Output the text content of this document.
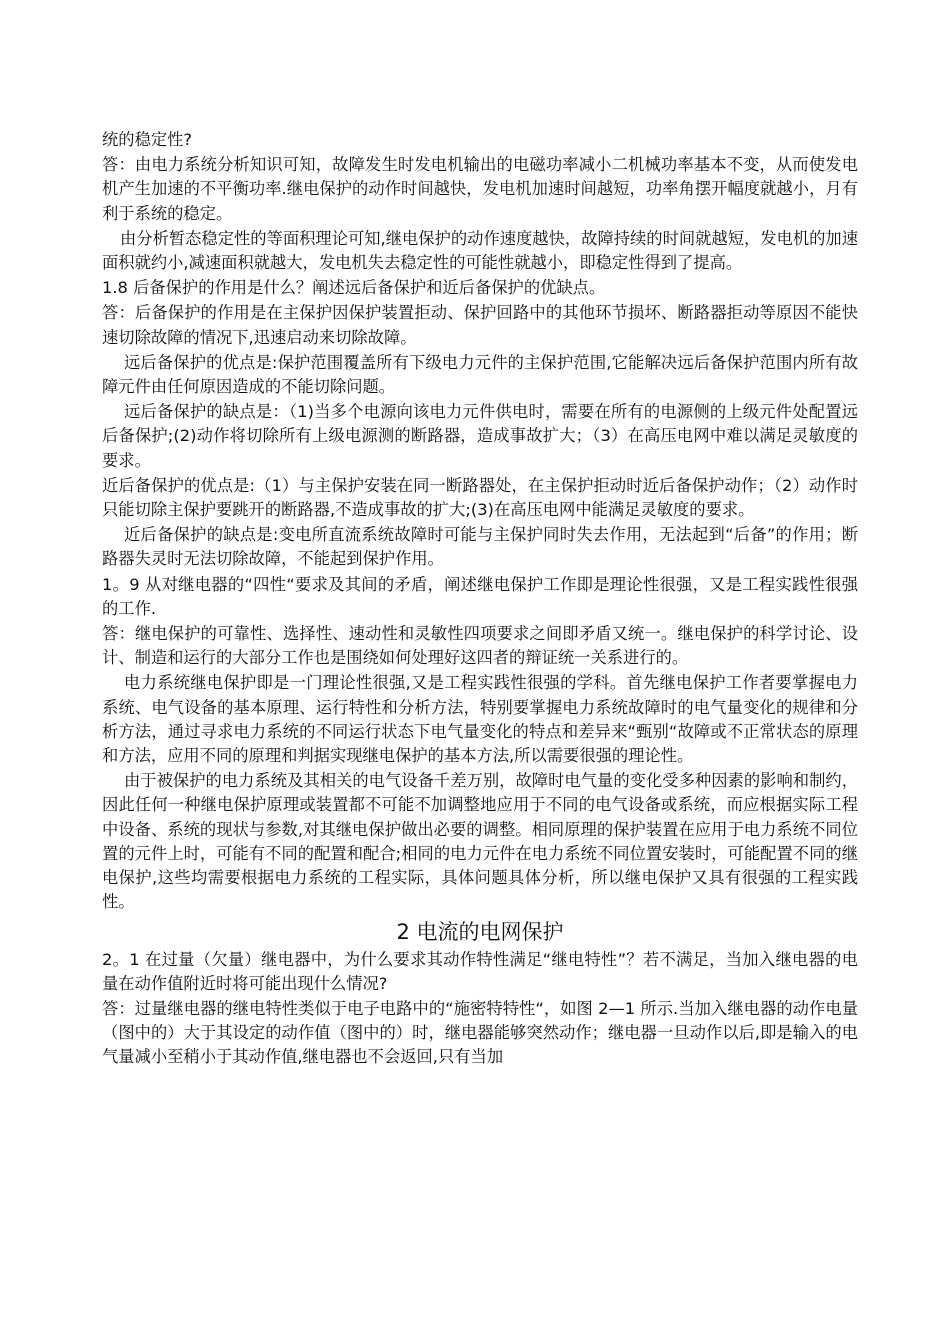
统的稳定性?

答：由电力系统分析知识可知，故障发生时发电机输出的电磁功率减小二机械功率基本不变，从而使发电机产生加速的不平衡功率.继电保护的动作时间越快，发电机加速时间越短，功率角摆开幅度就越小，月有利于系统的稳定。

由分析暂态稳定性的等面积理论可知,继电保护的动作速度越快，故障持续的时间就越短，发电机的加速面积就约小,减速面积就越大，发电机失去稳定性的可能性就越小，即稳定性得到了提高。

1.8 后备保护的作用是什么？阐述远后备保护和近后备保护的优缺点。

答：后备保护的作用是在主保护因保护装置拒动、保护回路中的其他环节损坏、断路器拒动等原因不能快速切除故障的情况下,迅速启动来切除故障。

远后备保护的优点是:保护范围覆盖所有下级电力元件的主保护范围,它能解决远后备保护范围内所有故障元件由任何原因造成的不能切除问题。

远后备保护的缺点是：（1)当多个电源向该电力元件供电时，需要在所有的电源侧的上级元件处配置远后备保护;(2)动作将切除所有上级电源测的断路器，造成事故扩大；（3）在高压电网中难以满足灵敏度的要求。

近后备保护的优点是:（1）与主保护安装在同一断路器处，在主保护拒动时近后备保护动作；（2）动作时只能切除主保护要跳开的断路器,不造成事故的扩大;(3)在高压电网中能满足灵敏度的要求。

近后备保护的缺点是:变电所直流系统故障时可能与主保护同时失去作用，无法起到“后备”的作用；断路器失灵时无法切除故障，不能起到保护作用。

1。9 从对继电器的“四性“要求及其间的矛盾，阐述继电保护工作即是理论性很强，又是工程实践性很强的工作.

答：继电保护的可靠性、选择性、速动性和灵敏性四项要求之间即矛盾又统一。继电保护的科学讨论、设计、制造和运行的大部分工作也是围绕如何处理好这四者的辩证统一关系进行的。

电力系统继电保护即是一门理论性很强,又是工程实践性很强的学科。首先继电保护工作者要掌握电力系统、电气设备的基本原理、运行特性和分析方法，特别要掌握电力系统故障时的电气量变化的规律和分析方法，通过寻求电力系统的不同运行状态下电气量变化的特点和差异来“甄别“故障或不正常状态的原理和方法，应用不同的原理和判据实现继电保护的基本方法,所以需要很强的理论性。

由于被保护的电力系统及其相关的电气设备千差万别，故障时电气量的变化受多种因素的影响和制约，因此任何一种继电保护原理或装置都不可能不加调整地应用于不同的电气设备或系统，而应根据实际工程中设备、系统的现状与参数,对其继电保护做出必要的调整。相同原理的保护装置在应用于电力系统不同位置的元件上时，可能有不同的配置和配合;相同的电力元件在电力系统不同位置安装时，可能配置不同的继电保护,这些均需要根据电力系统的工程实际，具体问题具体分析，所以继电保护又具有很强的工程实践性。

2 电流的电网保护

2。1 在过量（欠量）继电器中，为什么要求其动作特性满足“继电特性”？若不满足，当加入继电器的电量在动作值附近时将可能出现什么情况?

答：过量继电器的继电特性类似于电子电路中的“施密特特性“，如图 2—1 所示.当加入继电器的动作电量（图中的）大于其设定的动作值（图中的）时，继电器能够突然动作；继电器一旦动作以后,即是输入的电气量减小至稍小于其动作值,继电器也不会返回,只有当加
